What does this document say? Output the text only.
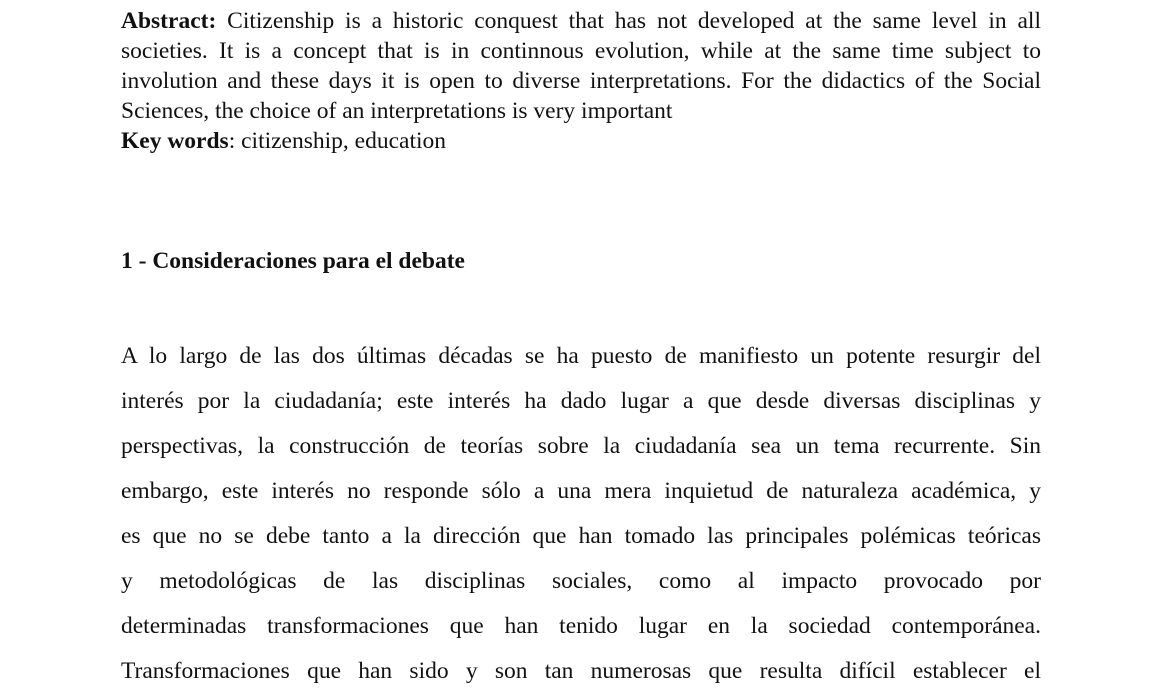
Abstract: Citizenship is a historic conquest that has not developed at the same level in all societies. It is a concept that is in continnous evolution, while at the same time subject to involution and these days it is open to diverse interpretations. For the didactics of the Social Sciences, the choice of an interpretations is very important

Key words: citizenship, education

1 - Consideraciones para el debate
A lo largo de las dos últimas décadas se ha puesto de manifiesto un potente resurgir del
interés por la ciudadanía; este interés ha dado lugar a que desde diversas disciplinas y
perspectivas, la construcción de teorías sobre la ciudadanía sea un tema recurrente. Sin
embargo, este interés no responde sólo a una mera inquietud de naturaleza académica, y
es que no se debe tanto a la dirección que han tomado las principales polémicas teóricas
y metodológicas de las disciplinas sociales, como al impacto provocado por
determinadas transformaciones que han tenido lugar en la sociedad contemporánea.
Transformaciones que han sido y son tan numerosas que resulta difícil establecer el
